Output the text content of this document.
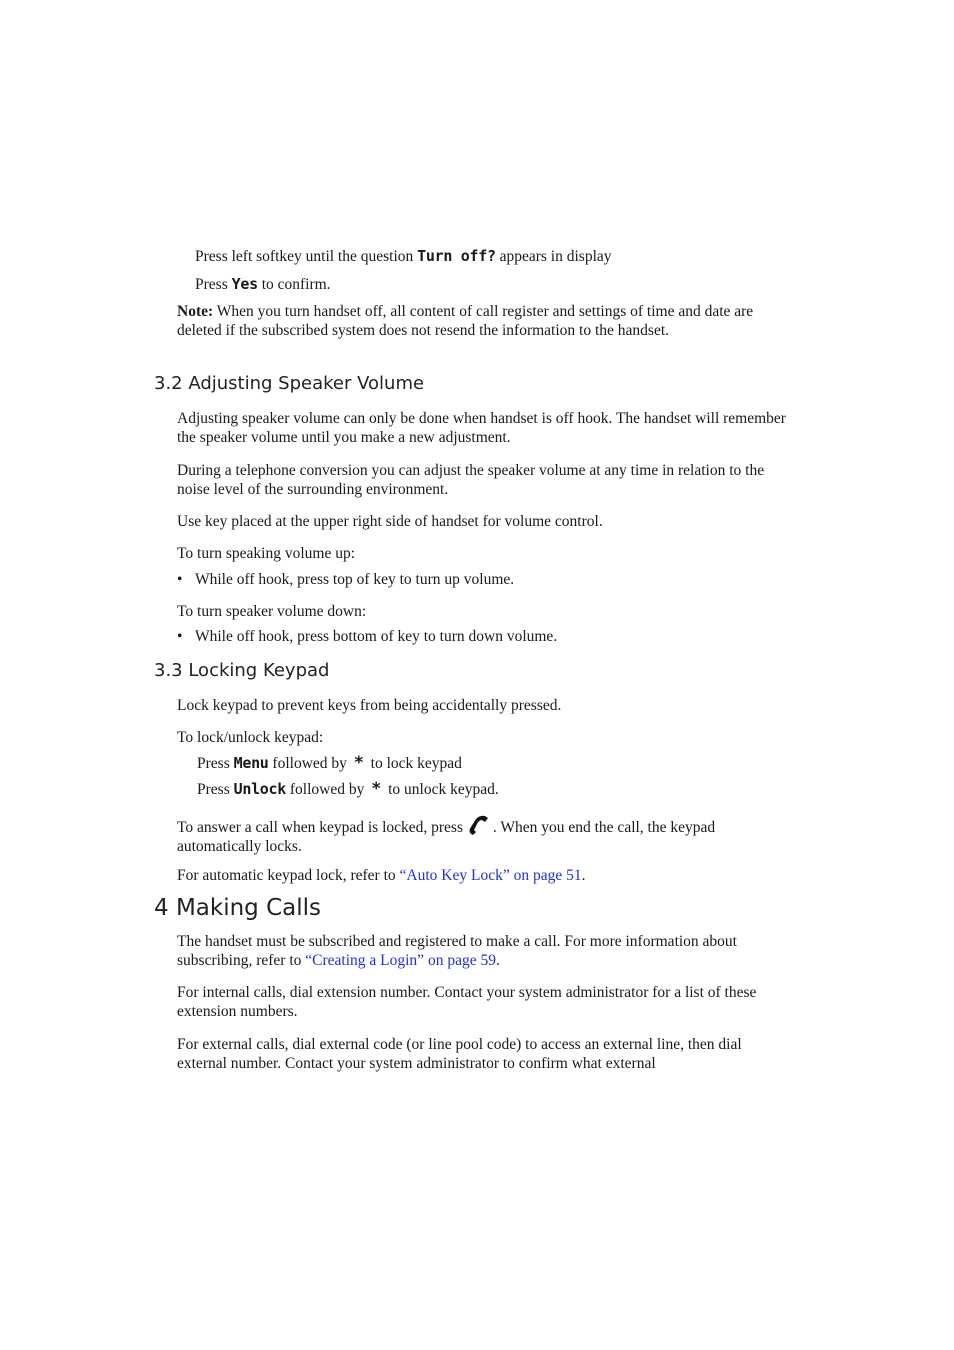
Press left softkey until the question Turn off? appears in display

Press Yes to confirm.

Note: When you turn handset off, all content of call register and settings of time and date are deleted if the subscribed system does not resend the information to the handset.

3.2 Adjusting Speaker Volume

Adjusting speaker volume can only be done when handset is off hook. The handset will remember the speaker volume until you make a new adjustment.

During a telephone conversion you can adjust the speaker volume at any time in relation to the noise level of the surrounding environment.

Use key placed at the upper right side of handset for volume control.

To turn speaking volume up:

• While off hook, press top of key to turn up volume.

To turn speaker volume down:

• While off hook, press bottom of key to turn down volume.

3.3 Locking Keypad

Lock keypad to prevent keys from being accidentally pressed.

To lock/unlock keypad:

Press Menu followed by * to lock keypad

Press Unlock followed by * to unlock keypad.

To answer a call when keypad is locked, press . When you end the call, the keypad automatically locks.

For automatic keypad lock, refer to “Auto Key Lock” on page 51.

4 Making Calls

The handset must be subscribed and registered to make a call. For more information about subscribing, refer to “Creating a Login” on page 59.

For internal calls, dial extension number. Contact your system administrator for a list of these extension numbers.

For external calls, dial external code (or line pool code) to access an external line, then dial external number. Contact your system administrator to confirm what external
